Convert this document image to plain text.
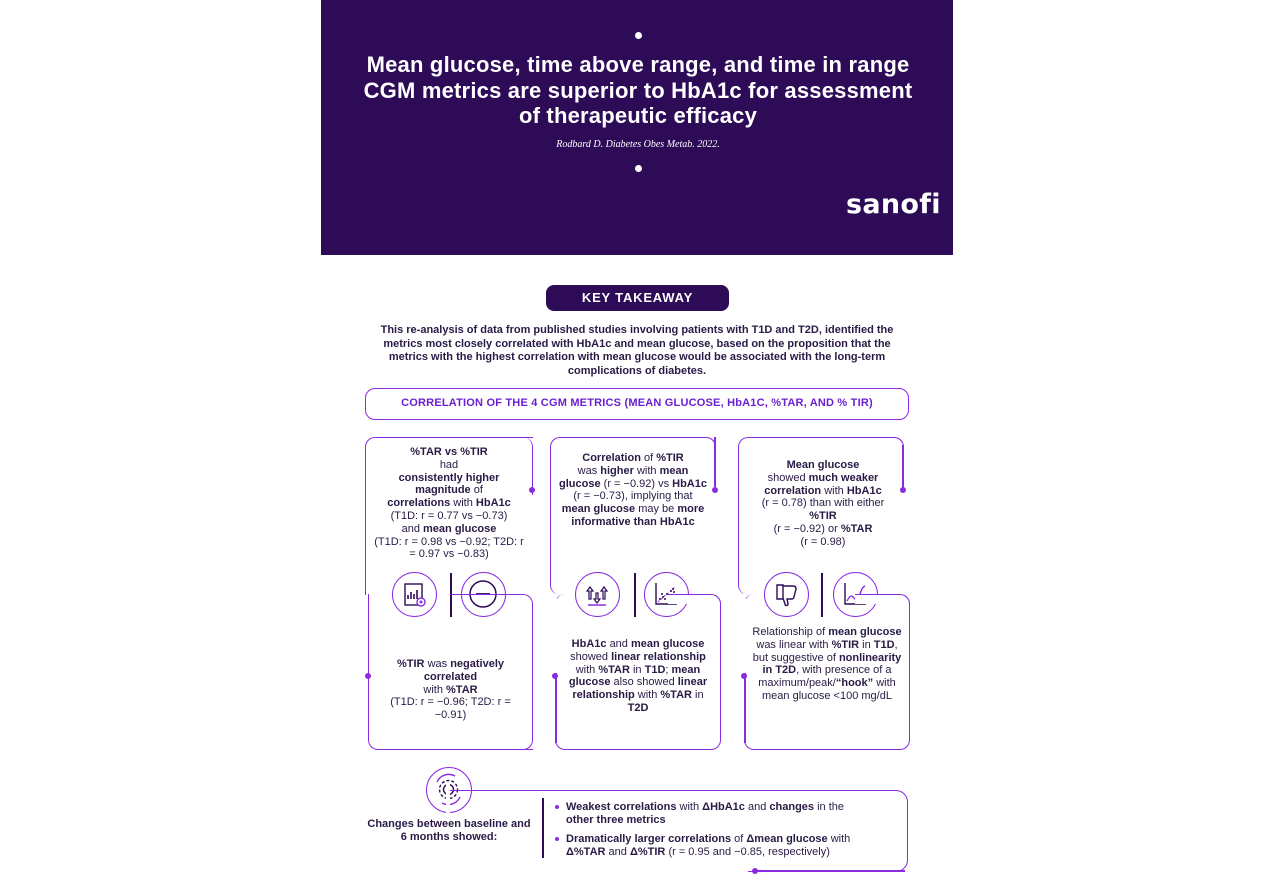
Mean glucose, time above range, and time in range CGM metrics are superior to HbA1c for assessment of therapeutic efficacy
Rodbard D. Diabetes Obes Metab. 2022.
sanofi
KEY TAKEAWAY
This re-analysis of data from published studies involving patients with T1D and T2D, identified the metrics most closely correlated with HbA1c and mean glucose, based on the proposition that the metrics with the highest correlation with mean glucose would be associated with the long-term complications of diabetes.
CORRELATION OF THE 4 CGM METRICS (MEAN GLUCOSE, HbA1C, %TAR, AND % TIR)
%TAR vs %TIR
had
consistently higher magnitude of
correlations with HbA1c
(T1D: r = 0.77 vs −0.73)
and mean glucose
(T1D: r = 0.98 vs −0.92; T2D: r = 0.97 vs −0.83)
Correlation of %TIR
was higher with mean glucose (r = −0.92) vs HbA1c (r = −0.73), implying that mean glucose may be more informative than HbA1c
Mean glucose
showed much weaker correlation with HbA1c
(r = 0.78) than with either %TIR
(r = −0.92) or %TAR
(r = 0.98)
%TIR was negatively correlated
with %TAR
(T1D: r = −0.96; T2D: r = −0.91)
HbA1c and mean glucose showed linear relationship with %TAR in T1D; mean glucose also showed linear relationship with %TAR in T2D
Relationship of mean glucose was linear with %TIR in T1D, but suggestive of nonlinearity in T2D, with presence of a maximum/peak/“hook” with mean glucose <100 mg/dL
Changes between baseline and 6 months showed:
Weakest correlations with ΔHbA1c and changes in the
other three metrics
Dramatically larger correlations of Δmean glucose with
Δ%TAR and Δ%TIR (r = 0.95 and −0.85, respectively)
